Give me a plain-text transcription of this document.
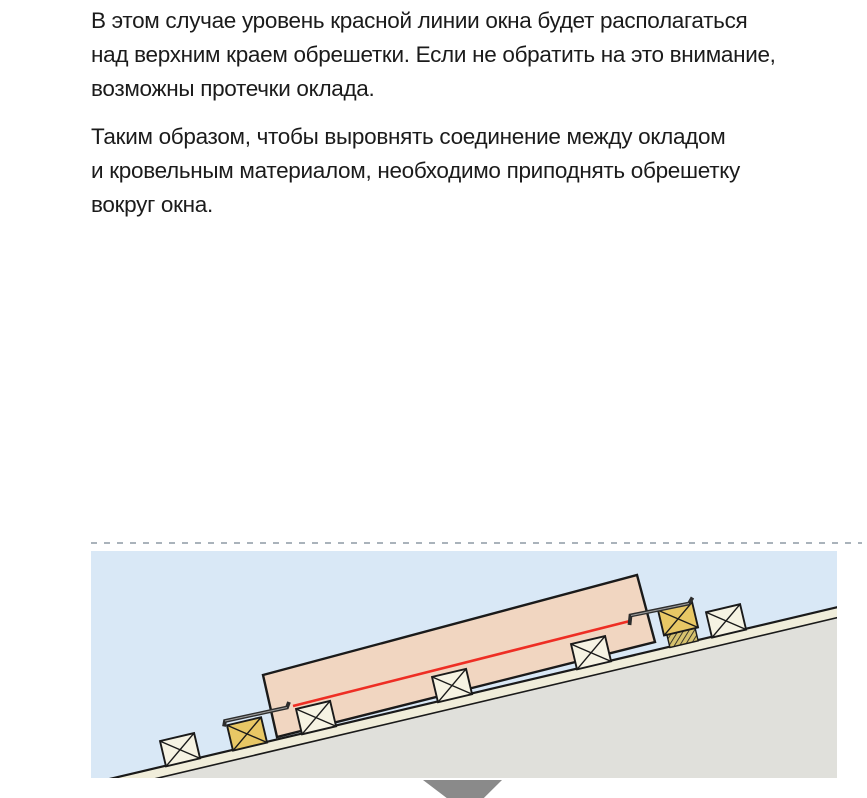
В этом случае уровень красной линии окна будет располагаться
над верхним краем обрешетки. Если не обратить на это внимание,
возможны протечки оклада.
Таким образом, чтобы выровнять соединение между окладом
и кровельным материалом, необходимо приподнять обрешетку
вокруг окна.
